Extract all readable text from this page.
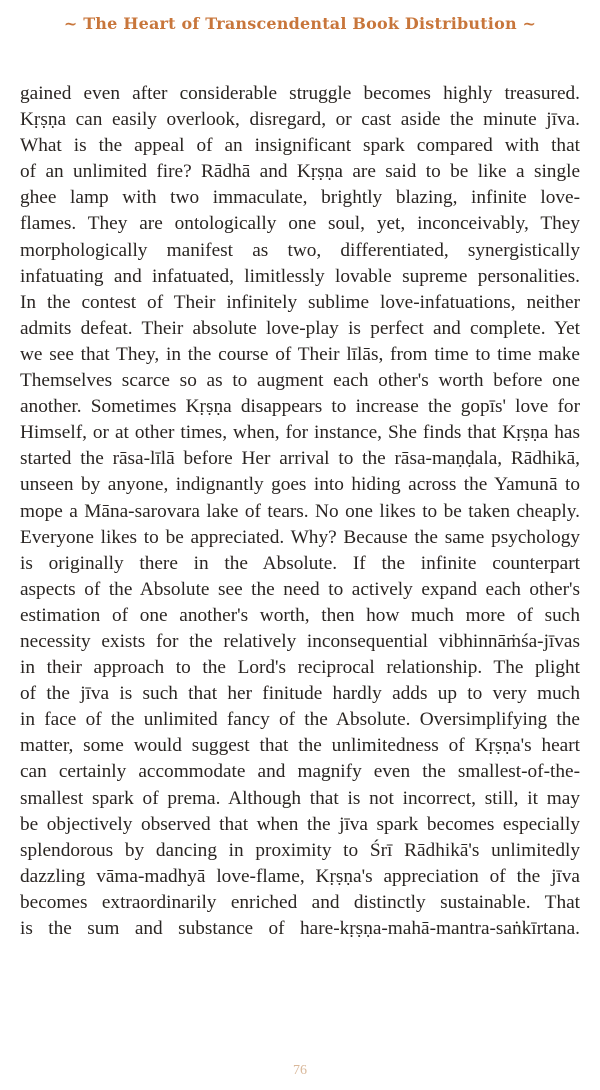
~ The Heart of Transcendental Book Distribution ~
gained even after considerable struggle becomes highly treasured.
Kṛṣṇa can easily overlook, disregard, or cast aside the minute jīva.
What is the appeal of an insignificant spark compared with that
of an unlimited fire? Rādhā and Kṛṣṇa are said to be like a single
ghee lamp with two immaculate, brightly blazing, infinite love-
flames. They are ontologically one soul, yet, inconceivably, They
morphologically manifest as two, differentiated, synergistically
infatuating and infatuated, limitlessly lovable supreme personalities.
In the contest of Their infinitely sublime love-infatuations, neither
admits defeat. Their absolute love-play is perfect and complete. Yet
we see that They, in the course of Their līlās, from time to time make
Themselves scarce so as to augment each other's worth before one
another. Sometimes Kṛṣṇa disappears to increase the gopīs' love for
Himself, or at other times, when, for instance, She finds that Kṛṣṇa has
started the rāsa-līlā before Her arrival to the rāsa-maṇḍala, Rādhikā,
unseen by anyone, indignantly goes into hiding across the Yamunā to
mope a Māna-sarovara lake of tears. No one likes to be taken cheaply.
Everyone likes to be appreciated. Why? Because the same psychology
is originally there in the Absolute. If the infinite counterpart
aspects of the Absolute see the need to actively expand each other's
estimation of one another's worth, then how much more of such
necessity exists for the relatively inconsequential vibhinnāṁśa-jīvas
in their approach to the Lord's reciprocal relationship. The plight
of the jīva is such that her finitude hardly adds up to very much
in face of the unlimited fancy of the Absolute. Oversimplifying the
matter, some would suggest that the unlimitedness of Kṛṣṇa's heart
can certainly accommodate and magnify even the smallest-of-the-
smallest spark of prema. Although that is not incorrect, still, it may
be objectively observed that when the jīva spark becomes especially
splendorous by dancing in proximity to Śrī Rādhikā's unlimitedly
dazzling vāma-madhyā love-flame, Kṛṣṇa's appreciation of the jīva
becomes extraordinarily enriched and distinctly sustainable. That
is the sum and substance of hare-kṛṣṇa-mahā-mantra-saṅkīrtana.
76
